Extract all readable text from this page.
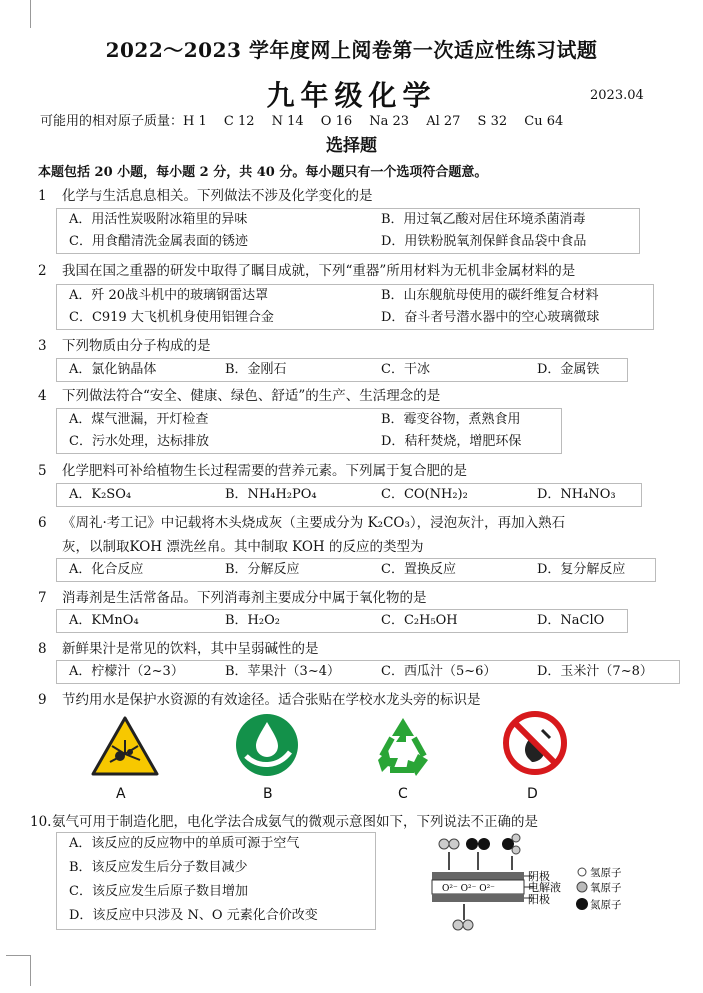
2022～2023 学年度网上阅卷第一次适应性练习试题
九年级化学	2023.04
可能用的相对原子质量：H 1　 C 12　 N 14　 O 16　 Na 23　 Al 27　 S 32　 Cu 64
选择题
本题包括 20 小题，每小题 2 分，共 40 分。每小题只有一个选项符合题意。
1 化学与生活息息相关。下列做法不涉及化学变化的是
A．用活性炭吸附冰箱里的异味	B．用过氧乙酸对居住环境杀菌消毒
C．用食醋清洗金属表面的锈迹	D．用铁粉脱氧剂保鲜食品袋中食品
2 我国在国之重器的研发中取得了瞩目成就，下列“重器”所用材料为无机非金属材料的是
A．歼 20战斗机中的玻璃钢雷达罩	B．山东舰航母使用的碳纤维复合材料
C．C919 大飞机机身使用铝锂合金	D．奋斗者号潜水器中的空心玻璃微球
3 下列物质由分子构成的是
A．氯化钠晶体	B．金刚石	C．干冰	D．金属铁
4 下列做法符合“安全、健康、绿色、舒适”的生产、生活理念的是
A．煤气泄漏，开灯检查	B．霉变谷物，煮熟食用
C．污水处理，达标排放	D．秸秆焚烧，增肥环保
5 化学肥料可补给植物生长过程需要的营养元素。下列属于复合肥的是
A．K₂SO₄	B．NH₄H₂PO₄	C．CO(NH₂)₂	D．NH₄NO₃
6 《周礼·考工记》中记载将木头烧成灰（主要成分为 K₂CO₃），浸泡灰汁，再加入熟石
灰，以制取KOH 漂洗丝帛。其中制取 KOH 的反应的类型为
A．化合反应	B．分解反应	C．置换反应	D．复分解反应
7 消毒剂是生活常备品。下列消毒剂主要成分中属于氧化物的是
A．KMnO₄	B．H₂O₂	C．C₂H₅OH	D．NaClO
8 新鲜果汁是常见的饮料，其中呈弱碱性的是
A．柠檬汁（2~3）	B．苹果汁（3~4）	C．西瓜汁（5~6）	D．玉米汁（7~8）
9 节约用水是保护水资源的有效途径。适合张贴在学校水龙头旁的标识是
A	B	C	D
10.氨气可用于制造化肥，电化学法合成氨气的微观示意图如下，下列说法不正确的是
A．该反应的反应物中的单质可源于空气
B．该反应发生后分子数目减少
C．该反应发生后原子数目增加
D．该反应中只涉及 N、O 元素化合价改变
O²⁻ O²⁻ O²⁻
阴极
电解液
阳极
氢原子
氧原子
氮原子
